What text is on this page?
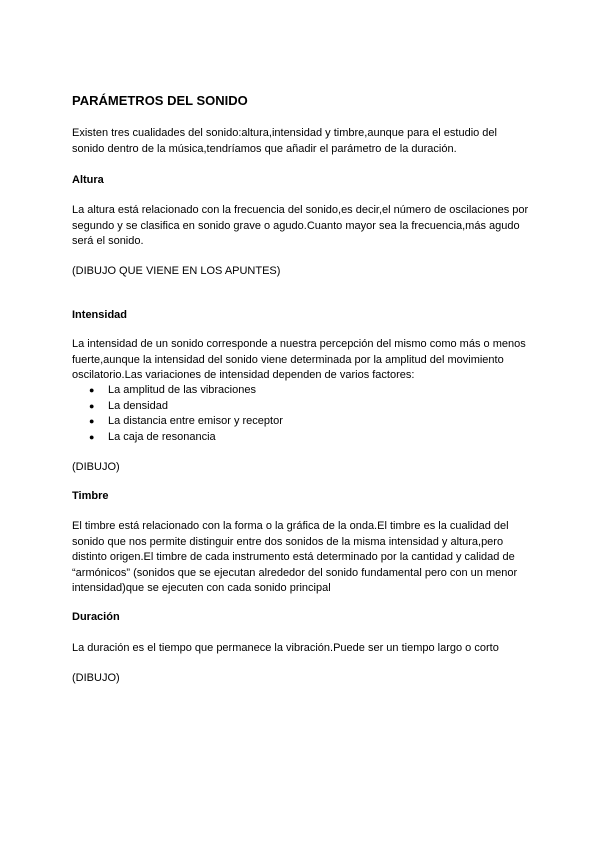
PARÁMETROS DEL SONIDO

Existen tres cualidades del sonido:altura,intensidad y timbre,aunque para el estudio del sonido dentro de la música,tendríamos que añadir el parámetro de la duración.

Altura

La altura está relacionado con la frecuencia del sonido,es decir,el número de oscilaciones por segundo y se clasifica en sonido grave o agudo.Cuanto mayor sea la frecuencia,más agudo será el sonido.

(DIBUJO QUE VIENE EN LOS APUNTES)

Intensidad

La intensidad de un sonido corresponde a nuestra percepción del mismo como más o menos fuerte,aunque la intensidad del sonido viene determinada por la amplitud del movimiento oscilatorio.Las variaciones de intensidad dependen de varios factores:

● La amplitud de las vibraciones
● La densidad
● La distancia entre emisor y receptor
● La caja de resonancia

(DIBUJO)

Timbre

El timbre está relacionado con la forma o la gráfica de la onda.El timbre es la cualidad del sonido que nos permite distinguir entre dos sonidos de la misma intensidad y altura,pero distinto origen.El timbre de cada instrumento está determinado por la cantidad y calidad de “armónicos” (sonidos que se ejecutan alrededor del sonido fundamental pero con un menor intensidad)que se ejecuten con cada sonido principal

Duración

La duración es el tiempo que permanece la vibración.Puede ser un tiempo largo o corto

(DIBUJO)
